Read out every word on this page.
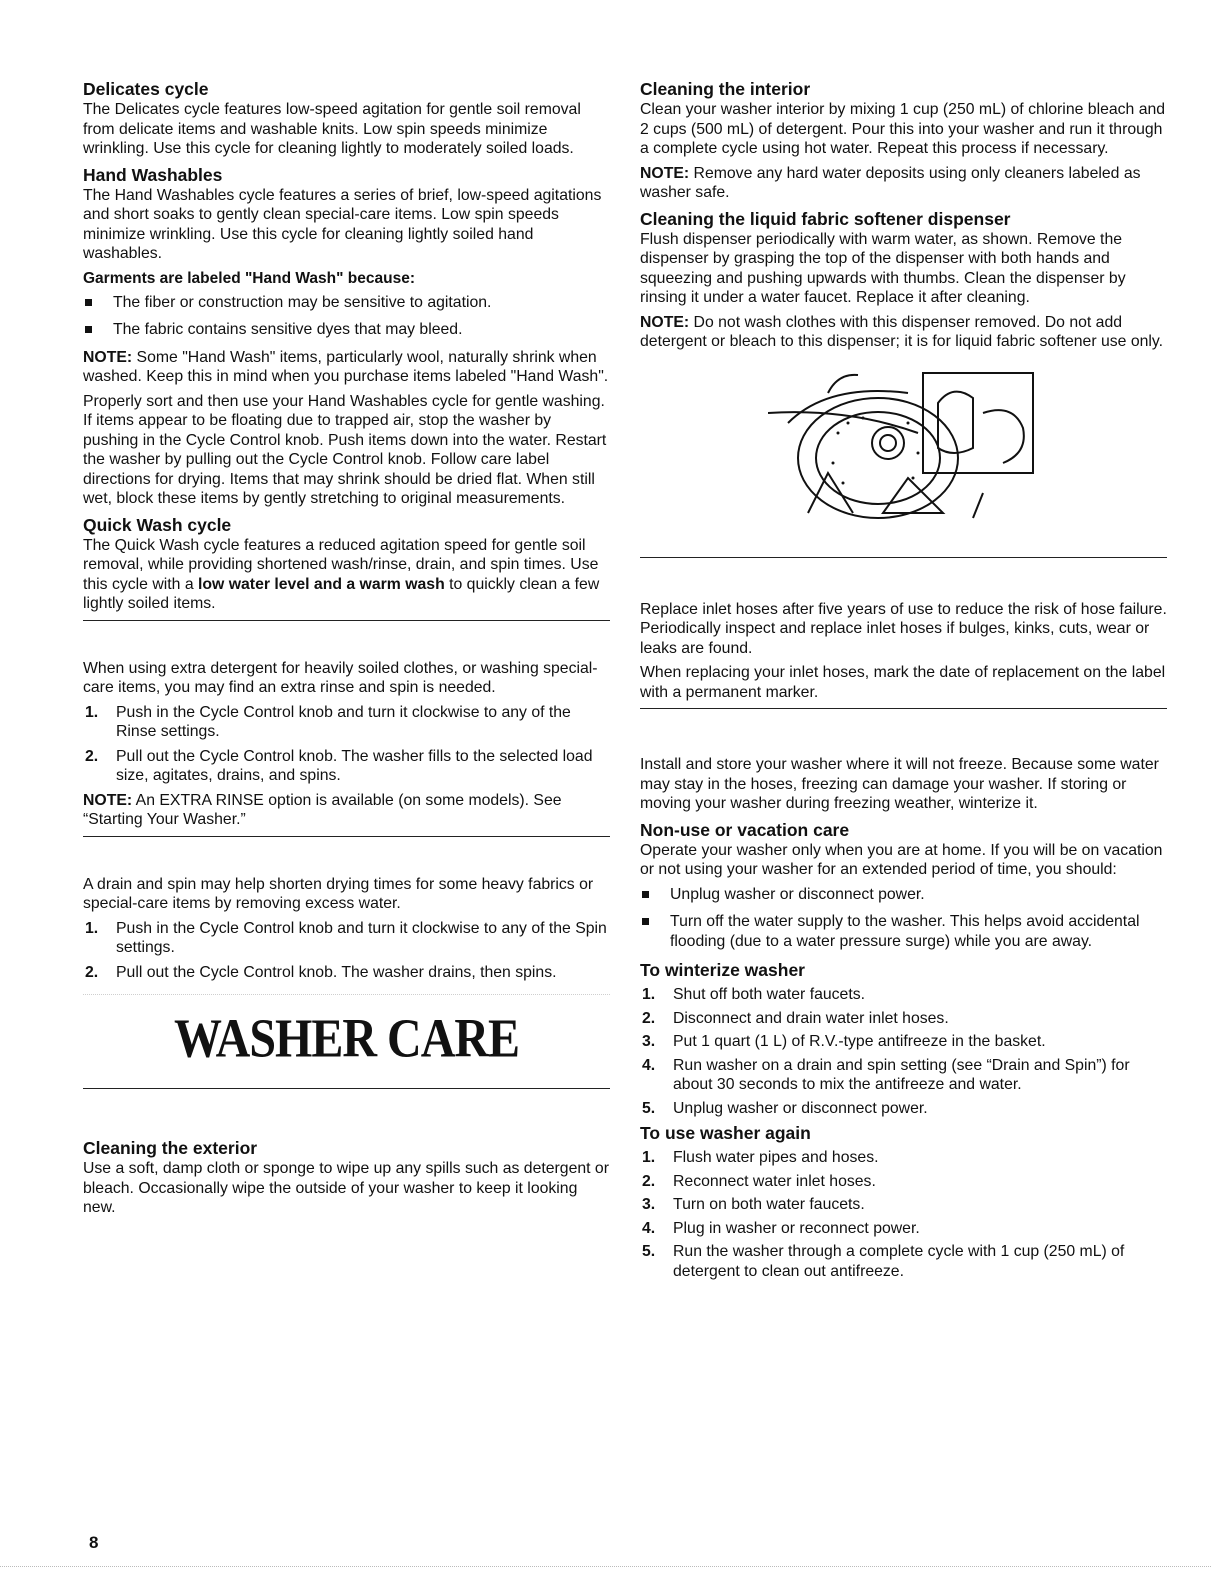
Delicates cycle

The Delicates cycle features low-speed agitation for gentle soil removal from delicate items and washable knits. Low spin speeds minimize wrinkling. Use this cycle for cleaning lightly to moderately soiled loads.

Hand Washables

The Hand Washables cycle features a series of brief, low-speed agitations and short soaks to gently clean special-care items. Low spin speeds minimize wrinkling. Use this cycle for cleaning lightly soiled hand washables.

Garments are labeled "Hand Wash" because:
The fiber or construction may be sensitive to agitation.
The fabric contains sensitive dyes that may bleed.

NOTE: Some "Hand Wash" items, particularly wool, naturally shrink when washed. Keep this in mind when you purchase items labeled "Hand Wash".

Properly sort and then use your Hand Washables cycle for gentle washing. If items appear to be floating due to trapped air, stop the washer by pushing in the Cycle Control knob. Push items down into the water. Restart the washer by pulling out the Cycle Control knob. Follow care label directions for drying. Items that may shrink should be dried flat. When still wet, block these items by gently stretching to original measurements.

Quick Wash cycle

The Quick Wash cycle features a reduced agitation speed for gentle soil removal, while providing shortened wash/rinse, drain, and spin times. Use this cycle with a low water level and a warm wash to quickly clean a few lightly soiled items.

When using extra detergent for heavily soiled clothes, or washing special-care items, you may find an extra rinse and spin is needed.

1. Push in the Cycle Control knob and turn it clockwise to any of the Rinse settings.
2. Pull out the Cycle Control knob. The washer fills to the selected load size, agitates, drains, and spins.

NOTE: An EXTRA RINSE option is available (on some models). See “Starting Your Washer.”

A drain and spin may help shorten drying times for some heavy fabrics or special-care items by removing excess water.

1. Push in the Cycle Control knob and turn it clockwise to any of the Spin settings.
2. Pull out the Cycle Control knob. The washer drains, then spins.
WASHER CARE
Cleaning the exterior

Use a soft, damp cloth or sponge to wipe up any spills such as detergent or bleach. Occasionally wipe the outside of your washer to keep it looking new.

Cleaning the interior

Clean your washer interior by mixing 1 cup (250 mL) of chlorine bleach and 2 cups (500 mL) of detergent. Pour this into your washer and run it through a complete cycle using hot water. Repeat this process if necessary.

NOTE: Remove any hard water deposits using only cleaners labeled as washer safe.

Cleaning the liquid fabric softener dispenser

Flush dispenser periodically with warm water, as shown. Remove the dispenser by grasping the top of the dispenser with both hands and squeezing and pushing upwards with thumbs. Clean the dispenser by rinsing it under a water faucet. Replace it after cleaning.

NOTE: Do not wash clothes with this dispenser removed. Do not add detergent or bleach to this dispenser; it is for liquid fabric softener use only.

Replace inlet hoses after five years of use to reduce the risk of hose failure. Periodically inspect and replace inlet hoses if bulges, kinks, cuts, wear or leaks are found.

When replacing your inlet hoses, mark the date of replacement on the label with a permanent marker.

Install and store your washer where it will not freeze. Because some water may stay in the hoses, freezing can damage your washer. If storing or moving your washer during freezing weather, winterize it.

Non-use or vacation care

Operate your washer only when you are at home. If you will be on vacation or not using your washer for an extended period of time, you should:

Unplug washer or disconnect power.
Turn off the water supply to the washer. This helps avoid accidental flooding (due to a water pressure surge) while you are away.
To winterize washer
1. Shut off both water faucets.
2. Disconnect and drain water inlet hoses.
3. Put 1 quart (1 L) of R.V.-type antifreeze in the basket.
4. Run washer on a drain and spin setting (see “Drain and Spin”) for about 30 seconds to mix the antifreeze and water.
5. Unplug washer or disconnect power.
To use washer again
1. Flush water pipes and hoses.
2. Reconnect water inlet hoses.
3. Turn on both water faucets.
4. Plug in washer or reconnect power.
5. Run the washer through a complete cycle with 1 cup (250 mL) of detergent to clean out antifreeze.
8
